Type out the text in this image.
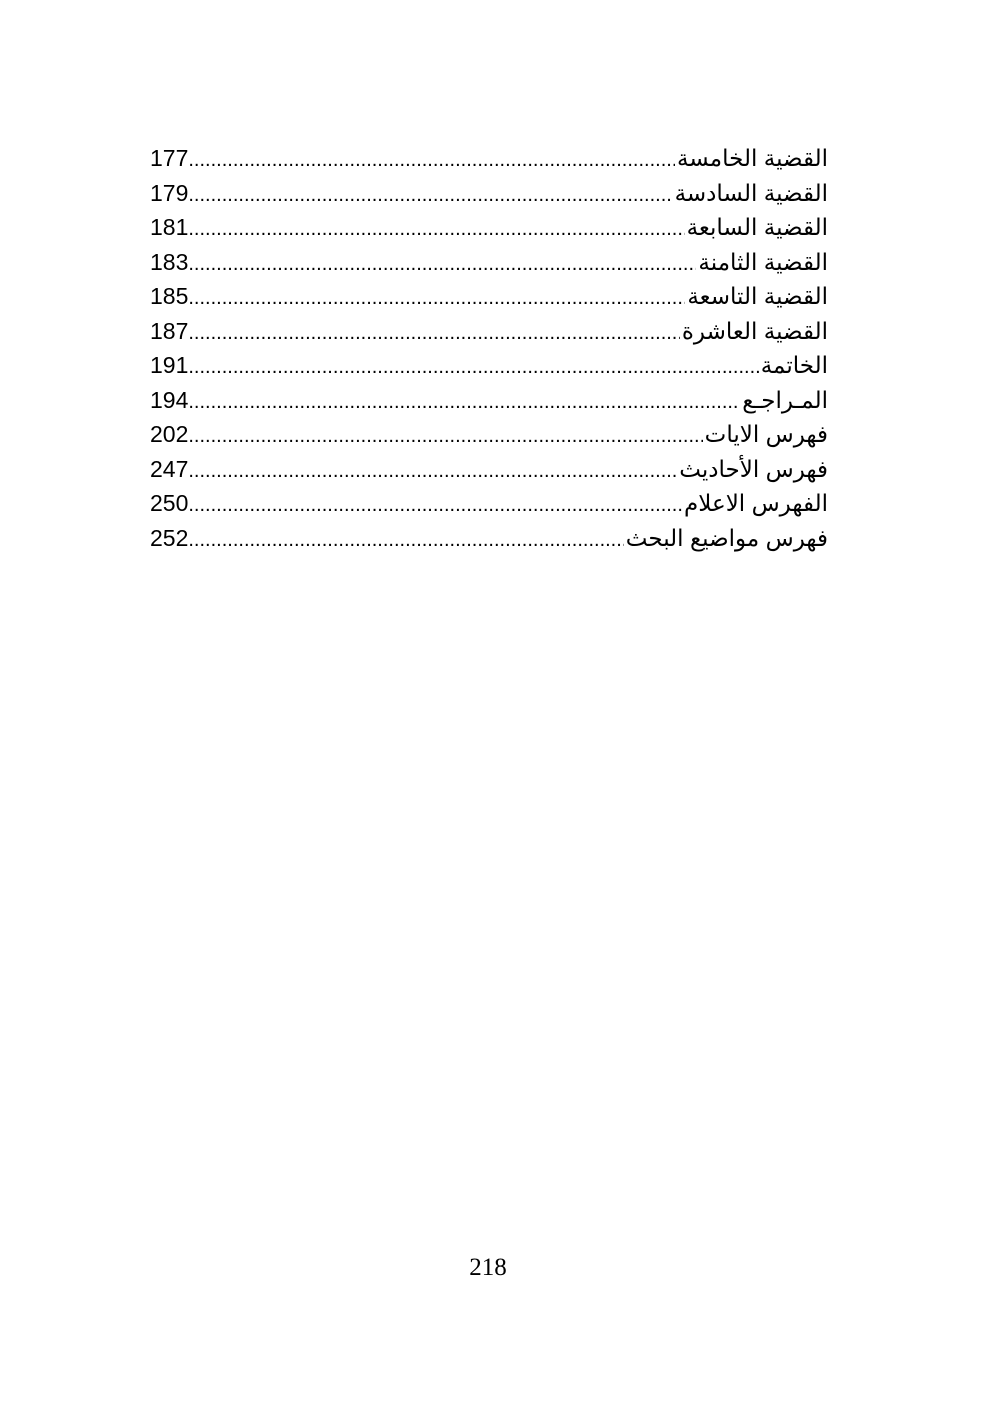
القضية الخامسة
.....
177
القضية السادسة
.....
179
القضية السابعة
.....
181
القضية الثامنة
.....
183
القضية التاسعة
.....
185
القضية العاشرة
.....
187
الخاتمة
.....
191
المـراجـع
.....
194
فهرس الايات
.....
202
فهرس الأحاديث
.....
247
الفهرس الاعلام
.....
250
فهرس مواضيع البحث
.....
252
218
